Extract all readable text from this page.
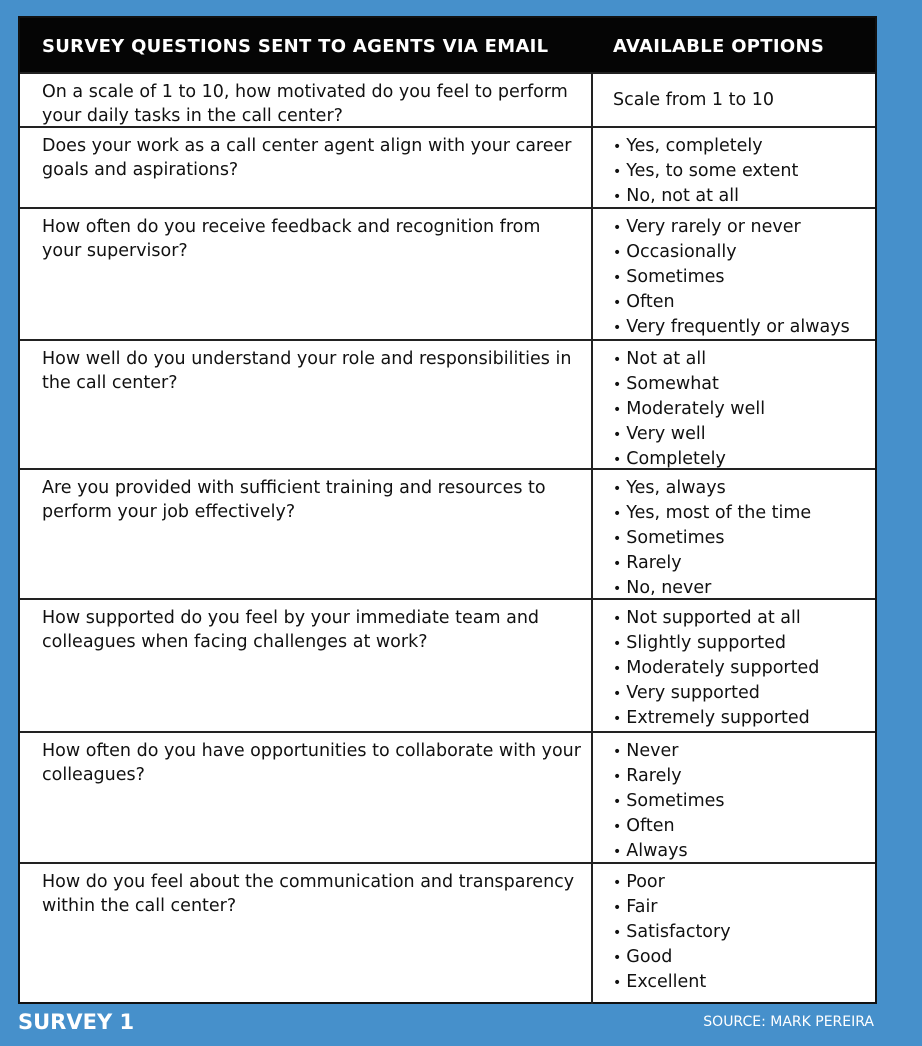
SURVEY QUESTIONS SENT TO AGENTS VIA EMAIL	AVAILABLE OPTIONS
On a scale of 1 to 10, how motivated do you feel to perform your daily tasks in the call center?
Scale from 1 to 10
Does your work as a call center agent align with your career goals and aspirations?
• Yes, completely
• Yes, to some extent
• No, not at all
How often do you receive feedback and recognition from your supervisor?
• Very rarely or never
• Occasionally
• Sometimes
• Often
• Very frequently or always
How well do you understand your role and responsibilities in the call center?
• Not at all
• Somewhat
• Moderately well
• Very well
• Completely
Are you provided with sufficient training and resources to perform your job effectively?
• Yes, always
• Yes, most of the time
• Sometimes
• Rarely
• No, never
How supported do you feel by your immediate team and colleagues when facing challenges at work?
• Not supported at all
• Slightly supported
• Moderately supported
• Very supported
• Extremely supported
How often do you have opportunities to collaborate with your colleagues?
• Never
• Rarely
• Sometimes
• Often
• Always
How do you feel about the communication and transparency within the call center?
• Poor
• Fair
• Satisfactory
• Good
• Excellent
SURVEY 1	SOURCE: MARK PEREIRA
